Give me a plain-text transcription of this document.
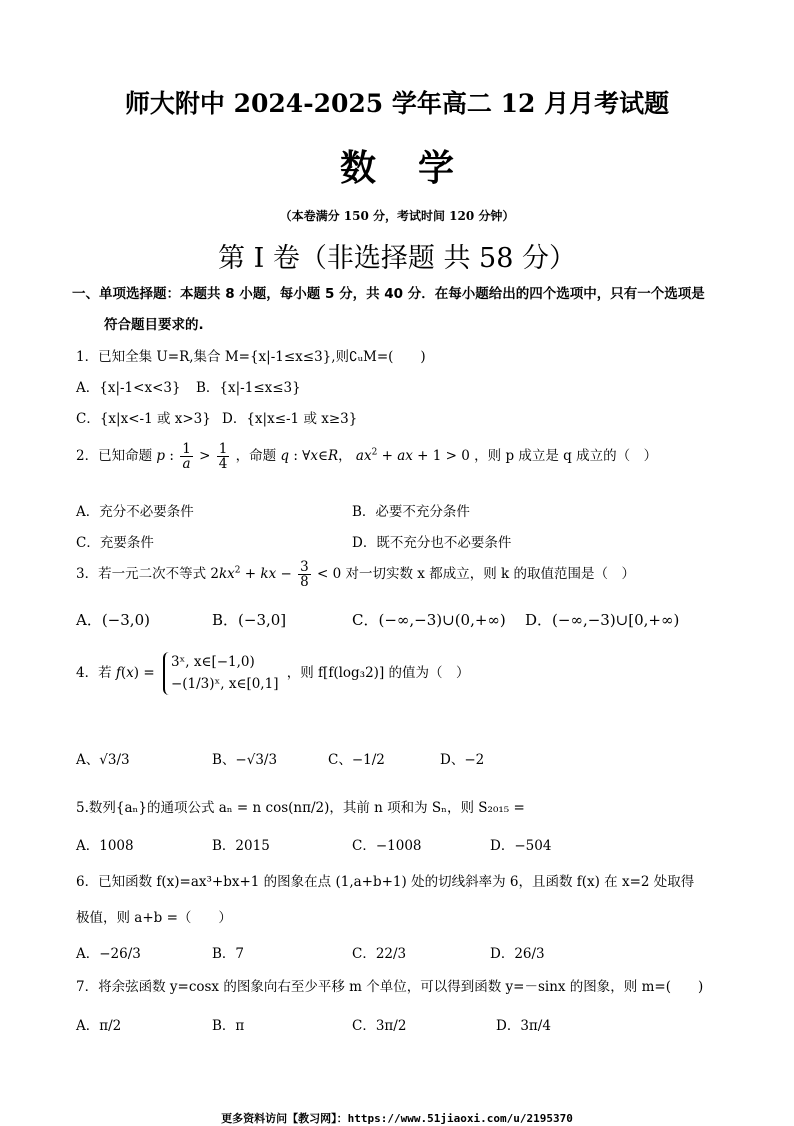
师大附中 2024-2025 学年高二 12 月月考试题
数学
（本卷满分 150 分，考试时间 120 分钟）
第 I 卷（非选择题 共 58 分）
一、单项选择题：本题共 8 小题，每小题 5 分，共 40 分．在每小题给出的四个选项中，只有一个选项是
符合题目要求的.
1．已知全集 U=R,集合 M={x|-1≤x≤3},则∁ᵤM=(　　)
A．{x|-1<x<3} B．{x|-1≤x≤3}
C．{x|x<-1 或 x>3} D．{x|x≤-1 或 x≥3}
2．已知命题 p : $\frac{1}{a} > \frac{1}{4}$ ，命题 q : ∀x∈R， $ax^2$ + ax + 1 > 0 ，则 p 成立是 q 成立的（　）
A．充分不必要条件	B．必要不充分条件
C．充要条件	D．既不充分也不必要条件
3．若一元二次不等式 $2kx^2$ + kx − $\frac{3}{8} < 0$ 对一切实数 x 都成立，则 k 的取值范围是（　）
A．(−3,0)	B．(−3,0]	C．(−∞,−3)∪(0,+∞) D．(−∞,−3)∪[0,+∞)
4．若 f(x) = 3ˣ, x∈[−1,0)
−(1/3)ˣ, x∈[0,1] ，则 f[f(log₃2)] 的值为（　）
A、√3/3	B、−√3/3	C、−1/2	D、−2
5.数列{aₙ}的通项公式 aₙ = n cos(nπ/2)，其前 n 项和为 Sₙ，则 S₂₀₁₅ =
A．1008	B．2015	C．−1008	D．−504
6．已知函数 f(x)=ax³+bx+1 的图象在点 (1,a+b+1) 处的切线斜率为 6，且函数 f(x) 在 x=2 处取得
极值，则 a+b =（　　）
A．−26/3	B．7	C．22/3	D．26/3
7．将余弦函数 y=cosx 的图象向右至少平移 m 个单位，可以得到函数 y=－sinx 的图象，则 m=(　　)
A．π/2	B．π	C．3π/2	D．3π/4
更多资料访问【教习网】：https://www.51jiaoxi.com/u/2195370
